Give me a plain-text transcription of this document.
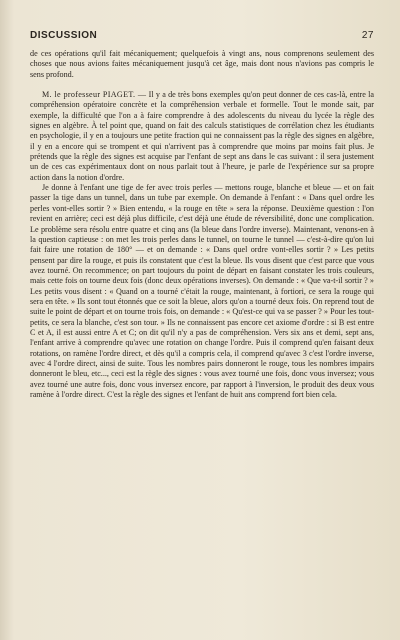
DISCUSSION	27

de ces opérations qu'il fait mécaniquement; quelquefois à vingt ans, nous comprenons seulement des choses que nous avions faites mécaniquement jusqu'à cet âge, mais dont nous n'avions pas compris le sens profond.

M. le professeur PIAGET. — Il y a de très bons exemples qu'on peut donner de ces cas-là, entre la compréhension opératoire concrète et la compréhension verbale et formelle. Tout le monde sait, par exemple, la difficulté que l'on a à faire comprendre à des adolescents du niveau du lycée la règle des signes en algèbre. À tel point que, quand on fait des calculs statistiques de corrélation chez les étudiants en psychologie, il y en a toujours une petite fraction qui ne connaissent pas la règle des signes en algèbre, il y en a encore qui se trompent et qui n'arrivent pas à comprendre que moins par moins fait plus. Je prétends que la règle des signes est acquise par l'enfant de sept ans dans le cas suivant : il sera justement un de ces cas expérimentaux dont on nous parlait tout à l'heure, je parle de l'expérience sur sa propre action dans la notion d'ordre.

Je donne à l'enfant une tige de fer avec trois perles — mettons rouge, blanche et bleue — et on fait passer la tige dans un tunnel, dans un tube par exemple. On demande à l'enfant : « Dans quel ordre les perles vont-elles sortir ? » Bien entendu, « la rouge en tête » sera la réponse. Deuxième question : l'on revient en arrière; ceci est déjà plus difficile, c'est déjà une étude de réversibilité, donc une complication. Le problème sera résolu entre quatre et cinq ans (la bleue dans l'ordre inverse). Maintenant, venons-en à la question captieuse : on met les trois perles dans le tunnel, on tourne le tunnel — c'est-à-dire qu'on lui fait faire une rotation de 180° — et on demande : « Dans quel ordre vont-elles sortir ? » Les petits pensent par dire la rouge, et puis ils constatent que c'est la bleue. Ils vous disent que c'est parce que vous avez tourné. On recommence; on part toujours du point de départ en faisant constater les trois couleurs, mais cette fois on tourne deux fois (donc deux opérations inverses). On demande : « Que va-t-il sortir ? » Les petits vous disent : « Quand on a tourné c'était la rouge, maintenant, à fortiori, ce sera la rouge qui sera en tête. » Ils sont tout étonnés que ce soit la bleue, alors qu'on a tourné deux fois. On reprend tout de suite le point de départ et on tourne trois fois, on demande : « Qu'est-ce qui va se passer ? » Pour les tout-petits, ce sera la blanche, c'est son tour. » Ils ne connaissent pas encore cet axiome d'ordre : si B est entre C et A, il est aussi entre A et C; on dit qu'il n'y a pas de compréhension. Vers six ans et demi, sept ans, l'enfant arrive à comprendre qu'avec une rotation on change l'ordre. Puis il comprend qu'en faisant deux rotations, on ramène l'ordre direct, et dès qu'il a compris cela, il comprend qu'avec 3 c'est l'ordre inverse, avec 4 l'ordre direct, ainsi de suite. Tous les nombres pairs donneront le rouge, tous les nombres impairs donneront le bleu, etc..., ceci est la règle des signes : vous avez tourné une fois, donc vous inversez; vous avez tourné une autre fois, donc vous inversez encore, par rapport à l'inversion, le produit des deux vous ramène à l'ordre direct. C'est la règle des signes et l'enfant de huit ans comprend fort bien cela.
